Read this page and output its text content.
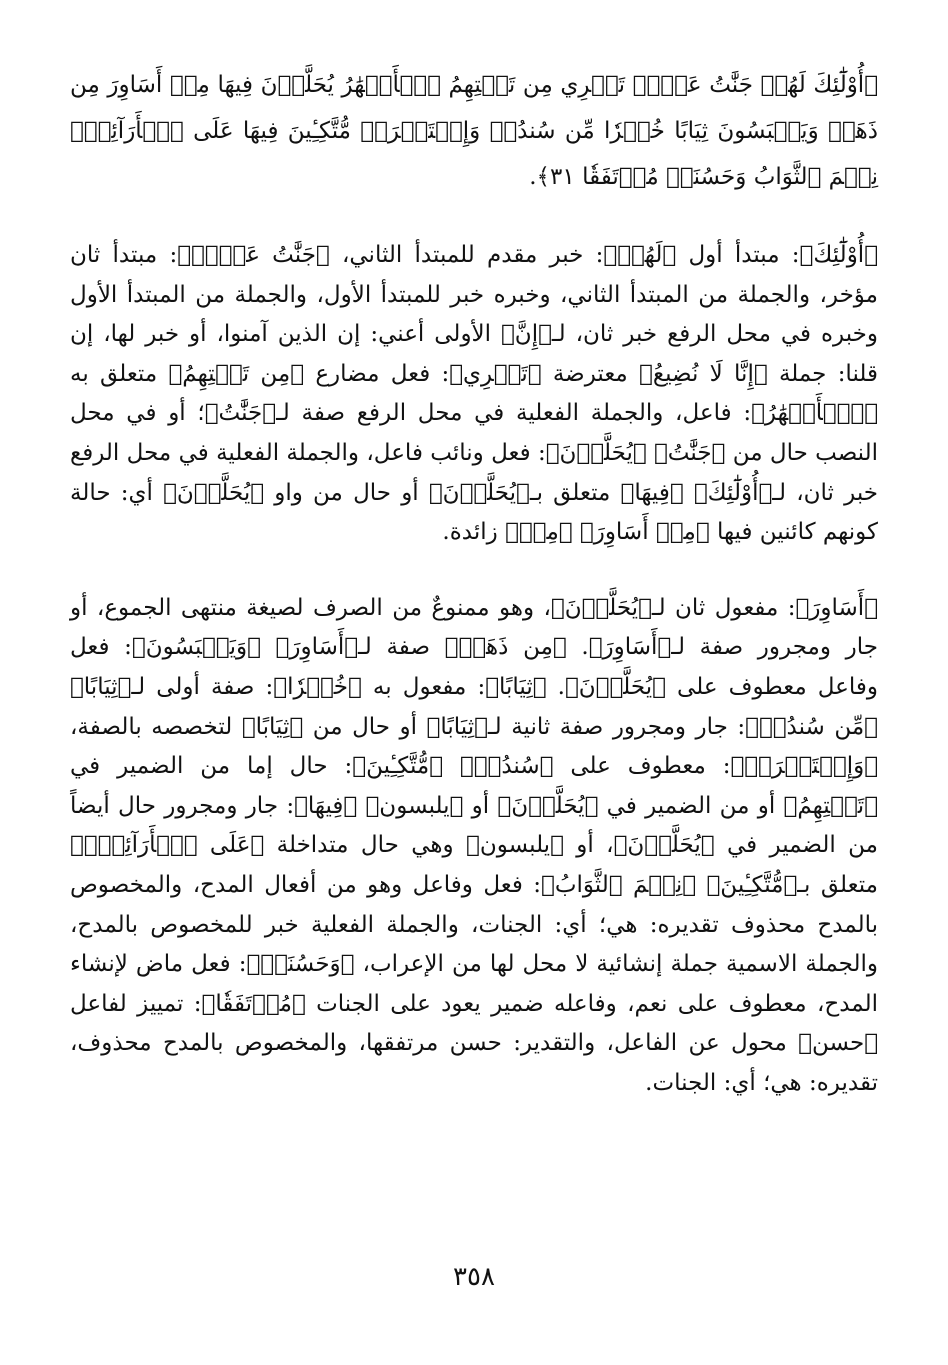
﴿أُوْلَٰٓئِكَ لَهُمۡ جَنَّٰتُ عَدۡنٖ تَجۡرِي مِن تَحۡتِهِمُ ٱلۡأَنۡهَٰرُ يُحَلَّوۡنَ فِيهَا مِنۡ أَسَاوِرَ مِن ذَهَبٖ وَيَلۡبَسُونَ ثِيَابًا خُضۡرٗا مِّن سُندُسٖ وَإِسۡتَبۡرَقٖ مُّتَّكِـِٔينَ فِيهَا عَلَى ٱلۡأَرَآئِكِۚ نِعۡمَ ٱلثَّوَابُ وَحَسُنَتۡ مُرۡتَفَقٗا ٣١﴾.

﴿أُوْلَٰٓئِكَ﴾: مبتدأ أول ﴿لَهُمۡ﴾: خبر مقدم للمبتدأ الثاني، ﴿جَنَّٰتُ عَدۡنٖ﴾: مبتدأ ثان مؤخر، والجملة من المبتدأ الثاني، وخبره خبر للمبتدأ الأول، والجملة من المبتدأ الأول وخبره في محل الرفع خبر ثان، لـ﴿إِنَّ﴾ الأولى أعني: إن الذين آمنوا، أو خبر لها، إن قلنا: جملة ﴿إِنَّا لَا نُضِيعُ﴾ معترضة ﴿تَجۡرِي﴾: فعل مضارع ﴿مِن تَحۡتِهِمُ﴾ متعلق به ﴿ٱلۡأَنۡهَٰرُ﴾: فاعل، والجملة الفعلية في محل الرفع صفة لـ﴿جَنَّٰتُ﴾؛ أو في محل النصب حال من ﴿جَنَّٰتُ﴾ ﴿يُحَلَّوۡنَ﴾: فعل ونائب فاعل، والجملة الفعلية في محل الرفع خبر ثان، لـ﴿أُوْلَٰٓئِكَ﴾ ﴿فِيهَا﴾ متعلق بـ﴿يُحَلَّوۡنَ﴾ أو حال من واو ﴿يُحَلَّوۡنَ﴾ أي: حالة كونهم كائنين فيها ﴿مِنۡ أَسَاوِرَ﴾ ﴿مِنۡ﴾ زائدة.

﴿أَسَاوِرَ﴾: مفعول ثان لـ﴿يُحَلَّوۡنَ﴾، وهو ممنوعٌ من الصرف لصيغة منتهى الجموع، أو جار ومجرور صفة لـ﴿أَسَاوِرَ﴾. ﴿مِن ذَهَبٖ﴾ صفة لـ﴿أَسَاوِرَ﴾ ﴿وَيَلۡبَسُونَ﴾: فعل وفاعل معطوف على ﴿يُحَلَّوۡنَ﴾. ﴿ثِيَابًا﴾: مفعول به ﴿خُضۡرٗا﴾: صفة أولى لـ﴿ثِيَابًا﴾ ﴿مِّن سُندُسٖ﴾: جار ومجرور صفة ثانية لـ﴿ثِيَابًا﴾ أو حال من ﴿ثِيَابًا﴾ لتخصصه بالصفة، ﴿وَإِسۡتَبۡرَقٖ﴾: معطوف على ﴿سُندُسٖ﴾ ﴿مُّتَّكِـِٔينَ﴾: حال إما من الضمير في ﴿تَحۡتِهِمُ﴾ أو من الضمير في ﴿يُحَلَّوۡنَ﴾ أو ﴿يلبسون﴾ ﴿فِيهَا﴾: جار ومجرور حال أيضاً من الضمير في ﴿يُحَلَّوۡنَ﴾، أو ﴿يلبسون﴾ وهي حال متداخلة ﴿عَلَى ٱلۡأَرَآئِكِۚ﴾ متعلق بـ﴿مُّتَّكِـِٔينَ﴾ ﴿نِعۡمَ ٱلثَّوَابُ﴾: فعل وفاعل وهو من أفعال المدح، والمخصوص بالمدح محذوف تقديره: هي؛ أي: الجنات، والجملة الفعلية خبر للمخصوص بالمدح، والجملة الاسمية جملة إنشائية لا محل لها من الإعراب، ﴿وَحَسُنَتۡ﴾: فعل ماض لإنشاء المدح، معطوف على نعم، وفاعله ضمير يعود على الجنات ﴿مُرۡتَفَقٗا﴾: تمييز لفاعل ﴿حسن﴾ محول عن الفاعل، والتقدير: حسن مرتفقها، والمخصوص بالمدح محذوف، تقديره: هي؛ أي: الجنات.

٣٥٨
